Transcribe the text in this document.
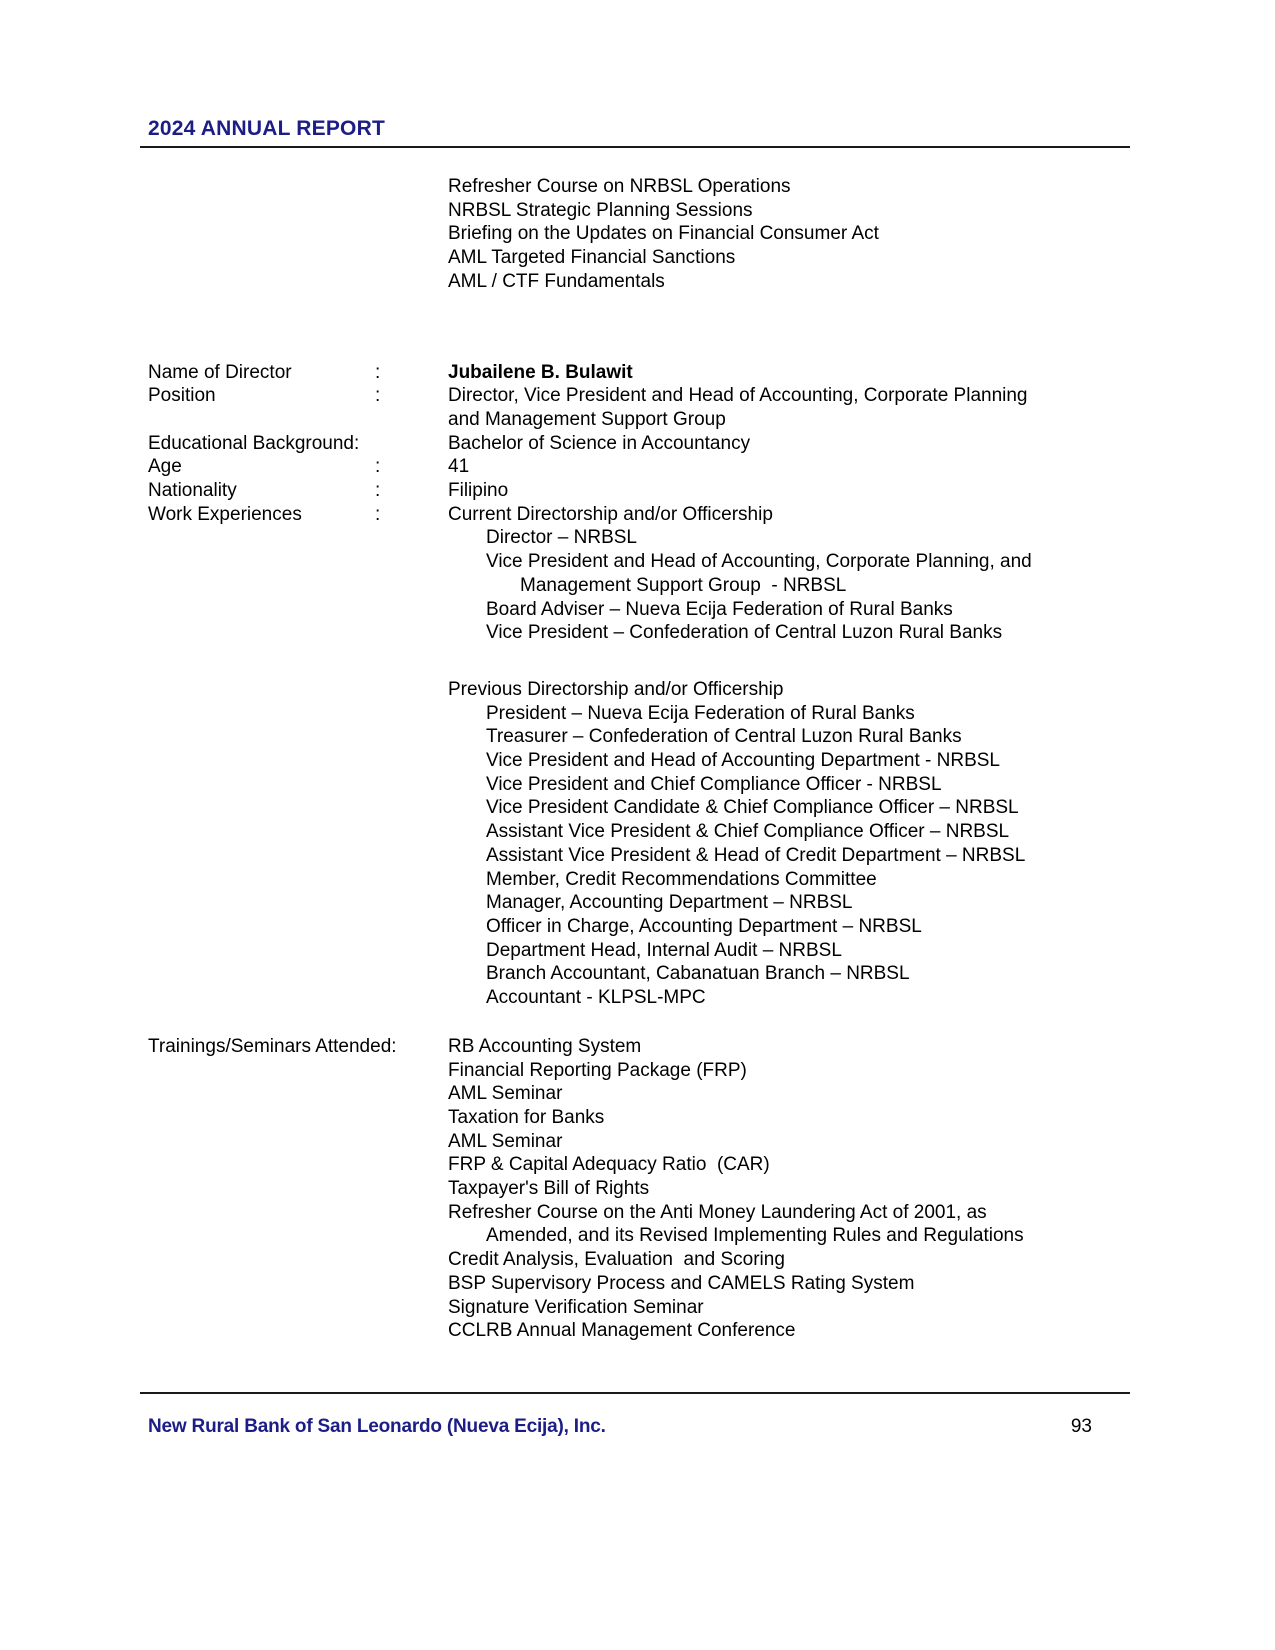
2024 ANNUAL REPORT
Refresher Course on NRBSL Operations
NRBSL Strategic Planning Sessions
Briefing on the Updates on Financial Consumer Act
AML Targeted Financial Sanctions
AML / CTF Fundamentals
Name of Director	:	Jubailene B. Bulawit
Position	:	Director, Vice President and Head of Accounting, Corporate Planning
and Management Support Group
Educational Background:	Bachelor of Science in Accountancy
Age	:	41
Nationality	:	Filipino
Work Experiences	:	Current Directorship and/or Officership
Director – NRBSL
Vice President and Head of Accounting, Corporate Planning, and
Management Support Group  - NRBSL
Board Adviser – Nueva Ecija Federation of Rural Banks
Vice President – Confederation of Central Luzon Rural Banks
Previous Directorship and/or Officership
President – Nueva Ecija Federation of Rural Banks
Treasurer – Confederation of Central Luzon Rural Banks
Vice President and Head of Accounting Department - NRBSL
Vice President and Chief Compliance Officer - NRBSL
Vice President Candidate & Chief Compliance Officer – NRBSL
Assistant Vice President & Chief Compliance Officer – NRBSL
Assistant Vice President & Head of Credit Department – NRBSL
Member, Credit Recommendations Committee
Manager, Accounting Department – NRBSL
Officer in Charge, Accounting Department – NRBSL
Department Head, Internal Audit – NRBSL
Branch Accountant, Cabanatuan Branch – NRBSL
Accountant - KLPSL-MPC
Trainings/Seminars Attended:	RB Accounting System
Financial Reporting Package (FRP)
AML Seminar
Taxation for Banks
AML Seminar
FRP & Capital Adequacy Ratio  (CAR)
Taxpayer's Bill of Rights
Refresher Course on the Anti Money Laundering Act of 2001, as
Amended, and its Revised Implementing Rules and Regulations
Credit Analysis, Evaluation  and Scoring
BSP Supervisory Process and CAMELS Rating System
Signature Verification Seminar
CCLRB Annual Management Conference
New Rural Bank of San Leonardo (Nueva Ecija), Inc.	93
